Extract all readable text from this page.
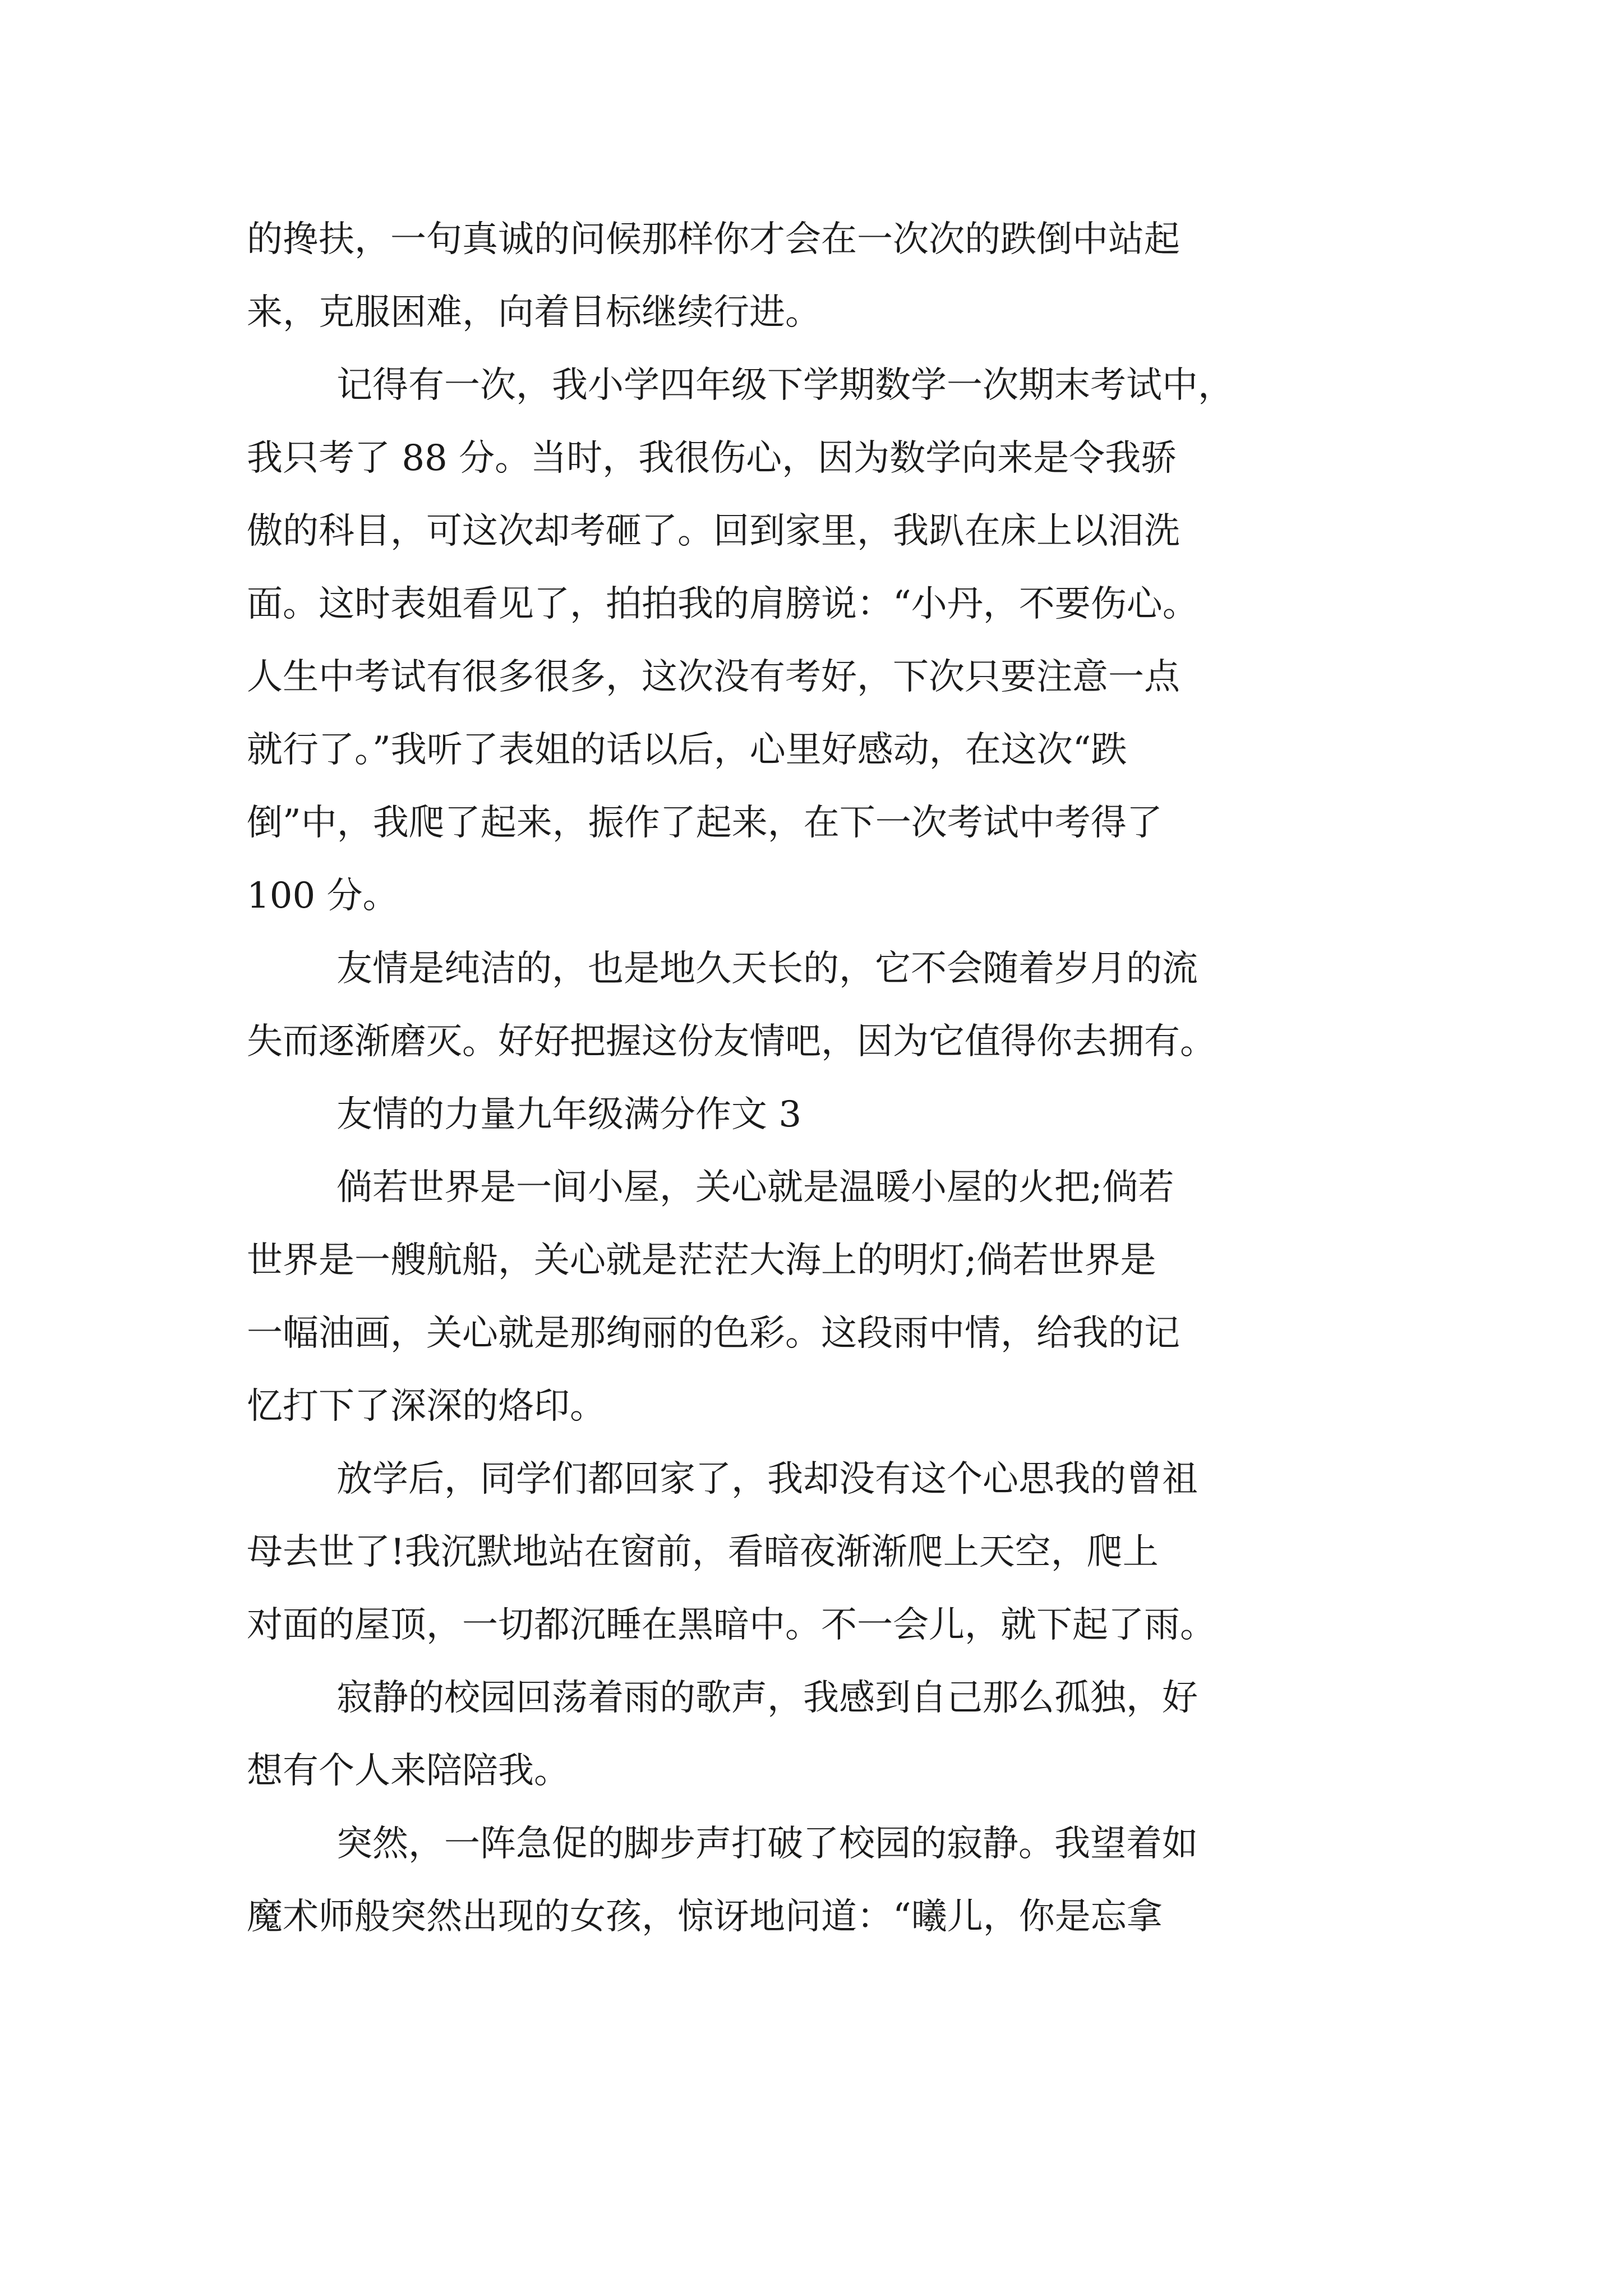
的搀扶，一句真诚的问候那样你才会在一次次的跌倒中站起

来，克服困难，向着目标继续行进。

记得有一次，我小学四年级下学期数学一次期末考试中，

我只考了 88 分。当时，我很伤心，因为数学向来是令我骄

傲的科目，可这次却考砸了。回到家里，我趴在床上以泪洗

面。这时表姐看见了，拍拍我的肩膀说：“小丹，不要伤心。

人生中考试有很多很多，这次没有考好，下次只要注意一点

就行了。”我听了表姐的话以后，心里好感动，在这次“跌

倒”中，我爬了起来，振作了起来，在下一次考试中考得了

100 分。

友情是纯洁的，也是地久天长的，它不会随着岁月的流

失而逐渐磨灭。好好把握这份友情吧，因为它值得你去拥有。

友情的力量九年级满分作文 3

倘若世界是一间小屋，关心就是温暖小屋的火把;倘若

世界是一艘航船，关心就是茫茫大海上的明灯;倘若世界是

一幅油画，关心就是那绚丽的色彩。这段雨中情，给我的记

忆打下了深深的烙印。

放学后，同学们都回家了，我却没有这个心思我的曾祖

母去世了!我沉默地站在窗前，看暗夜渐渐爬上天空，爬上

对面的屋顶，一切都沉睡在黑暗中。不一会儿，就下起了雨。

寂静的校园回荡着雨的歌声，我感到自己那么孤独，好

想有个人来陪陪我。

突然，一阵急促的脚步声打破了校园的寂静。我望着如

魔术师般突然出现的女孩，惊讶地问道：“曦儿，你是忘拿
